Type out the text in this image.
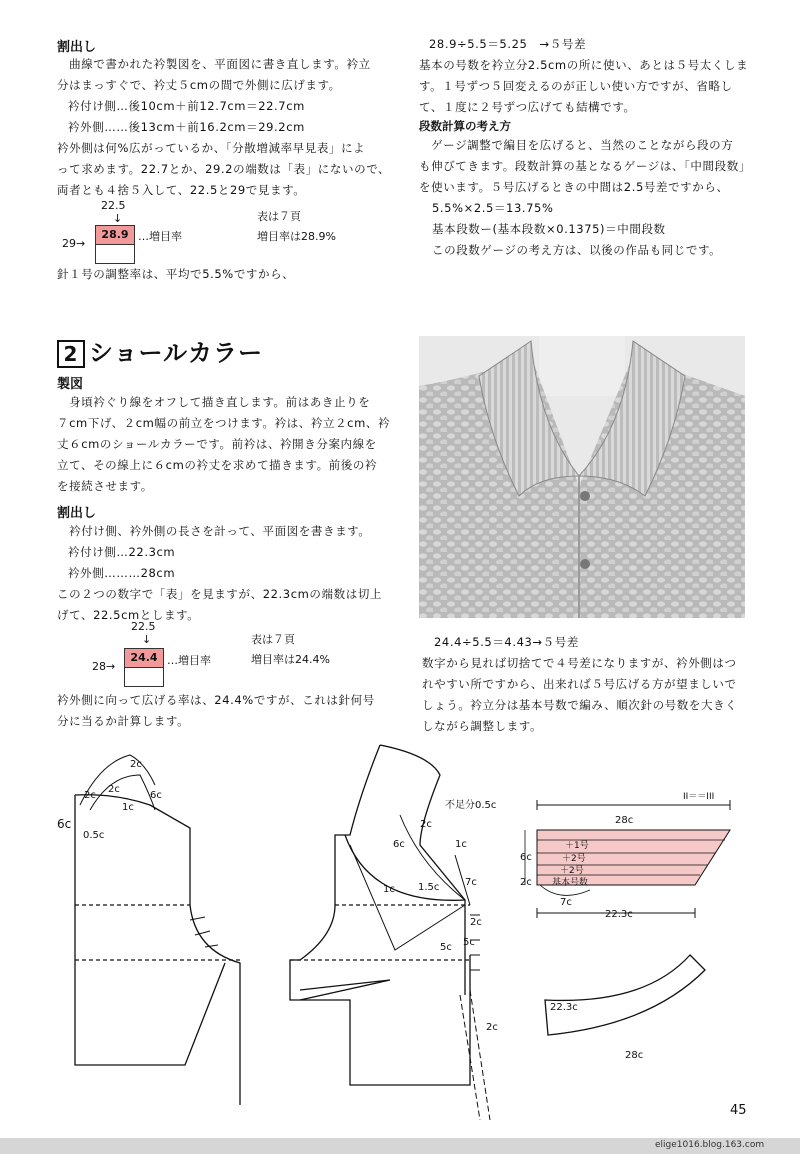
割出し
　曲線で書かれた衿製図を、平面図に書き直します。衿立
分はまっすぐで、衿丈５cmの間で外側に広げます。
衿付け側…後10cm＋前12.7cm＝22.7cm
衿外側……後13cm＋前16.2cm＝29.2cm
衿外側は何%広がっているか、「分散増減率早見表」によ
って求めます。22.7とか、29.2の端数は「表」にないので、
両者とも４捨５入して、22.5と29で見ます。
22.5
↓
29→
28.9 …増目率
表は７頁
増目率は28.9%
針１号の調整率は、平均で5.5%ですから、
28.9÷5.5＝5.25　→５号差
基本の号数を衿立分2.5cmの所に使い、あとは５号太くしま
す。１号ずつ５回変えるのが正しい使い方ですが、省略し
て、１度に２号ずつ広げても結構です。
段数計算の考え方
　ゲージ調整で編目を広げると、当然のことながら段の方
も伸びてきます。段数計算の基となるゲージは、「中間段数」
を使います。５号広げるときの中間は2.5号差ですから、
5.5%×2.5＝13.75%
基本段数ー(基本段数×0.1375)＝中間段数
この段数ゲージの考え方は、以後の作品も同じです。
2 ショールカラー
製図
　身頃衿ぐり線をオフして描き直します。前はあき止りを
７cm下げ、２cm幅の前立をつけます。衿は、衿立２cm、衿
丈６cmのショールカラーです。前衿は、衿開き分案内線を
立て、その線上に６cmの衿丈を求めて描きます。前後の衿
を接続させます。
割出し
　衿付け側、衿外側の長さを計って、平面図を書きます。
衿付け側…22.3cm
衿外側………28cm
この２つの数字で「表」を見ますが、22.3cmの端数は切上
げて、22.5cmとします。
22.5
↓
28→
24.4 …増目率
表は７頁
増目率は24.4%
衿外側に向って広げる率は、24.4%ですが、これは針何号
分に当るか計算します。
24.4÷5.5＝4.43→５号差
数字から見れば切捨てで４号差になりますが、衿外側はつ
れやすい所ですから、出来れば５号広げる方が望ましいで
しょう。衿立分は基本号数で編み、順次針の号数を大きく
しながら調整します。
2c
6c
6c
0.5c
2c
1c
2c
不足分0.5c
6c
2c
1c
1c 1.5c	7c
5c 5c
2c
2c
28c
6c
2c
7c
22.3c
＋1号
＋2号
＋2号
基本号数
II＝＝III
22.3c
28c
45
elige1016.blog.163.com
